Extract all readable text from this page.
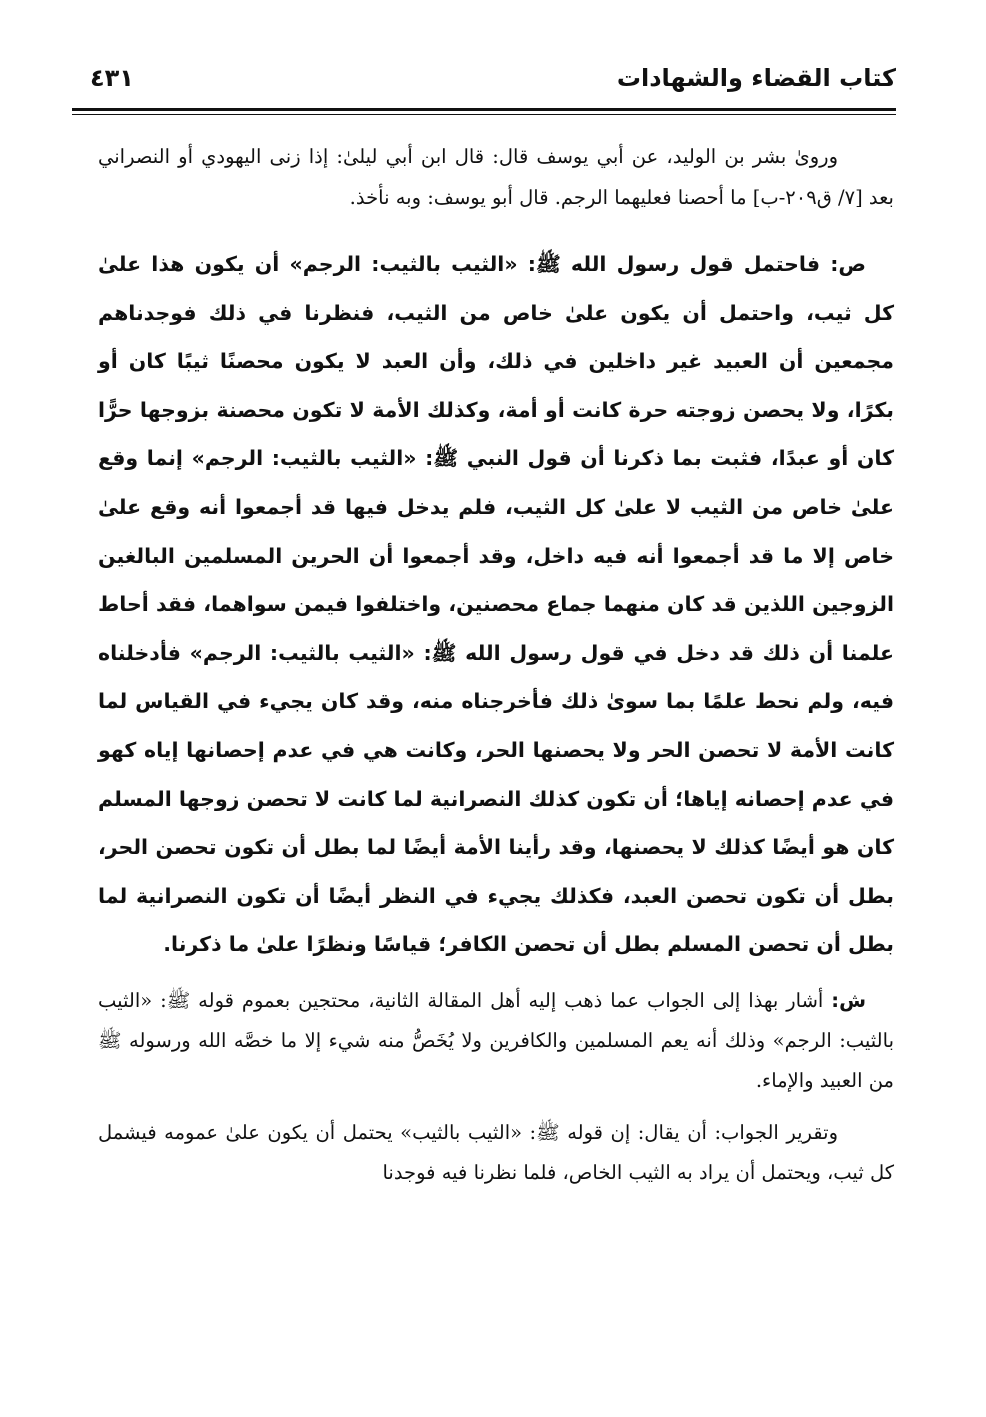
كتاب القضاء والشهادات
٤٣١

وروىٰ بشر بن الوليد، عن أبي يوسف قال: قال ابن أبي ليلىٰ: إذا زنى اليهودي أو النصراني بعد [٧/ ق٢٠٩-ب] ما أحصنا فعليهما الرجم. قال أبو يوسف: وبه نأخذ.

ص: فاحتمل قول رسول الله ﷺ: «الثيب بالثيب: الرجم» أن يكون هذا علىٰ كل ثيب، واحتمل أن يكون علىٰ خاص من الثيب، فنظرنا في ذلك فوجدناهم مجمعين أن العبيد غير داخلين في ذلك، وأن العبد لا يكون محصنًا ثيبًا كان أو بكرًا، ولا يحصن زوجته حرة كانت أو أمة، وكذلك الأمة لا تكون محصنة بزوجها حرًّا كان أو عبدًا، فثبت بما ذكرنا أن قول النبي ﷺ: «الثيب بالثيب: الرجم» إنما وقع علىٰ خاص من الثيب لا علىٰ كل الثيب، فلم يدخل فيها قد أجمعوا أنه وقع علىٰ خاص إلا ما قد أجمعوا أنه فيه داخل، وقد أجمعوا أن الحرين المسلمين البالغين الزوجين اللذين قد كان منهما جماع محصنين، واختلفوا فيمن سواهما، فقد أحاط علمنا أن ذلك قد دخل في قول رسول الله ﷺ: «الثيب بالثيب: الرجم» فأدخلناه فيه، ولم نحط علمًا بما سوىٰ ذلك فأخرجناه منه، وقد كان يجيء في القياس لما كانت الأمة لا تحصن الحر ولا يحصنها الحر، وكانت هي في عدم إحصانها إياه كهو في عدم إحصانه إياها؛ أن تكون كذلك النصرانية لما كانت لا تحصن زوجها المسلم كان هو أيضًا كذلك لا يحصنها، وقد رأينا الأمة أيضًا لما بطل أن تكون تحصن الحر، بطل أن تكون تحصن العبد، فكذلك يجيء في النظر أيضًا أن تكون النصرانية لما بطل أن تحصن المسلم بطل أن تحصن الكافر؛ قياسًا ونظرًا علىٰ ما ذكرنا.

ش: أشار بهذا إلى الجواب عما ذهب إليه أهل المقالة الثانية، محتجين بعموم قوله ﷺ: «الثيب بالثيب: الرجم» وذلك أنه يعم المسلمين والكافرين ولا يُخَصُّ منه شيء إلا ما خصَّه الله ورسوله ﷺ من العبيد والإماء.

وتقرير الجواب: أن يقال: إن قوله ﷺ: «الثيب بالثيب» يحتمل أن يكون علىٰ عمومه فيشمل كل ثيب، ويحتمل أن يراد به الثيب الخاص، فلما نظرنا فيه فوجدنا
